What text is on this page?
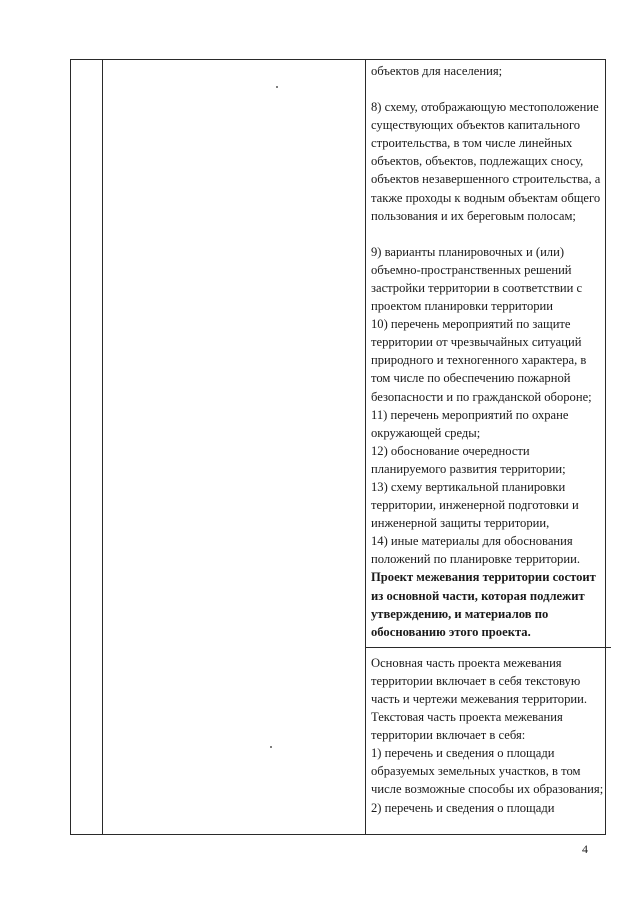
объектов для населения;

8) схему, отображающую местоположение существующих объектов капитального строительства, в том числе линейных объектов, объектов, подлежащих сносу, объектов незавершенного строительства, а также проходы к водным объектам общего пользования и их береговым полосам;

9) варианты планировочных и (или) объемно-пространственных решений застройки территории в соответствии с проектом планировки территории

10) перечень мероприятий по защите территории от чрезвычайных ситуаций природного и техногенного характера, в том числе по обеспечению пожарной безопасности и по гражданской обороне;

11) перечень мероприятий по охране окружающей среды;

12) обоснование очередности планируемого развития территории;

13) схему вертикальной планировки территории, инженерной подготовки и инженерной защиты территории,

14) иные материалы для обоснования положений по планировке территории.

Проект межевания территории состоит из основной части, которая подлежит утверждению, и материалов по обоснованию этого проекта.

Основная часть проекта межевания территории включает в себя текстовую часть и чертежи межевания территории.

Текстовая часть проекта межевания территории включает в себя:

1) перечень и сведения о площади образуемых земельных участков, в том числе возможные способы их образования;

2) перечень и сведения о площади

4
